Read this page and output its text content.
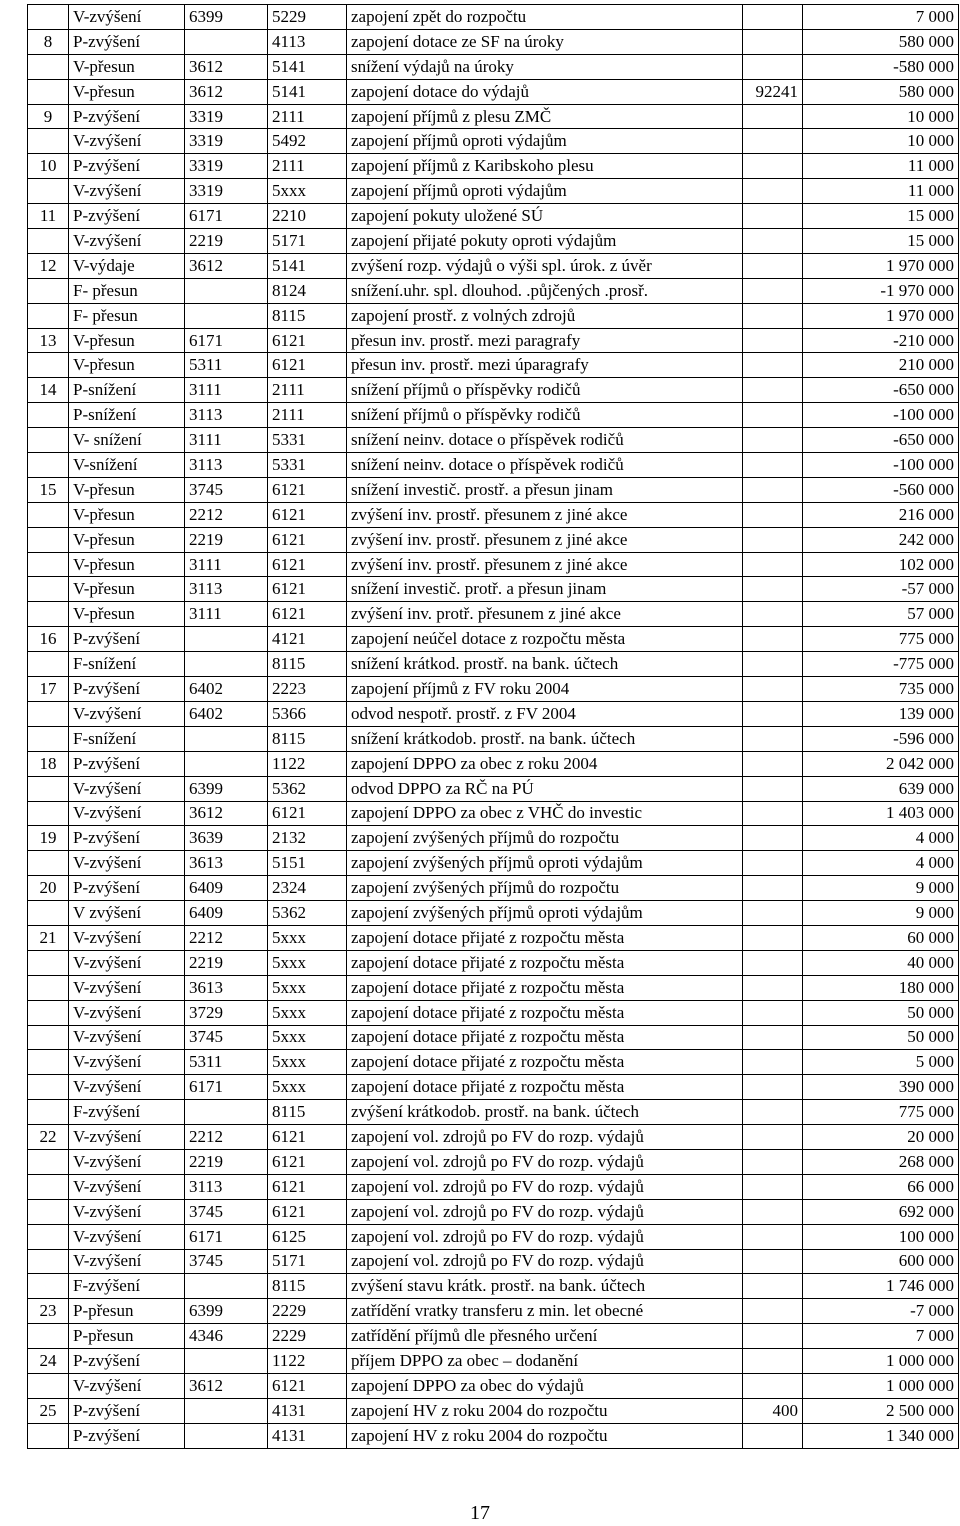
	V-zvýšení	6399	5229	zapojení zpět do rozpočtu		7 000
8	P-zvýšení		4113	zapojení dotace ze SF na úroky		580 000
	V-přesun	3612	5141	snížení výdajů na úroky		-580 000
	V-přesun	3612	5141	zapojení dotace do výdajů	92241	580 000
9	P-zvýšení	3319	2111	zapojení příjmů z plesu ZMČ		10 000
	V-zvýšení	3319	5492	zapojení příjmů oproti výdajům		10 000
10	P-zvýšení	3319	2111	zapojení příjmů z Karibskoho plesu		11 000
	V-zvýšení	3319	5xxx	zapojení příjmů oproti výdajům		11 000
11	P-zvýšení	6171	2210	zapojení pokuty uložené SÚ		15 000
	V-zvýšení	2219	5171	zapojení přijaté pokuty oproti výdajům		15 000
12	V-výdaje	3612	5141	zvýšení rozp. výdajů o výši spl. úrok. z úvěr		1 970 000
	F- přesun		8124	snížení.uhr. spl. dlouhod. .půjčených .prosř.		-1 970 000
	F- přesun		8115	zapojení prostř. z volných zdrojů		1 970 000
13	V-přesun	6171	6121	přesun inv. prostř. mezi paragrafy		-210 000
	V-přesun	5311	6121	přesun inv. prostř. mezi úparagrafy		210 000
14	P-snížení	3111	2111	snížení příjmů o příspěvky rodičů		-650 000
	P-snížení	3113	2111	snížení příjmů o příspěvky rodičů		-100 000
	V- snížení	3111	5331	snížení neinv. dotace o příspěvek rodičů		-650 000
	V-snížení	3113	5331	snížení neinv. dotace o příspěvek rodičů		-100 000
15	V-přesun	3745	6121	snížení investič. prostř. a přesun jinam		-560 000
	V-přesun	2212	6121	zvýšení inv. prostř. přesunem z jiné akce		216 000
	V-přesun	2219	6121	zvýšení inv. prostř. přesunem z jiné akce		242 000
	V-přesun	3111	6121	zvýšení inv. prostř. přesunem z jiné akce		102 000
	V-přesun	3113	6121	snížení investič. protř. a přesun jinam		-57 000
	V-přesun	3111	6121	zvýšení inv. protř. přesunem z jiné akce		57 000
16	P-zvýšení		4121	zapojení neúčel dotace z rozpočtu města		775 000
	F-snížení		8115	snížení krátkod. prostř. na bank. účtech		-775 000
17	P-zvýšení	6402	2223	zapojení příjmů z FV roku 2004		735 000
	V-zvýšení	6402	5366	odvod nespotř. prostř. z FV 2004		139 000
	F-snížení		8115	snížení krátkodob. prostř. na bank. účtech		-596 000
18	P-zvýšení		1122	zapojení DPPO za obec z roku 2004		2 042 000
	V-zvýšení	6399	5362	odvod DPPO za RČ na PÚ		639 000
	V-zvýšení	3612	6121	zapojení DPPO za obec z VHČ do investic		1 403 000
19	P-zvýšení	3639	2132	zapojení zvýšených příjmů do rozpočtu		4 000
	V-zvýšení	3613	5151	zapojení zvýšených příjmů oproti výdajům		4 000
20	P-zvýšení	6409	2324	zapojení zvýšených příjmů do rozpočtu		9 000
	V zvýšení	6409	5362	zapojení zvýšených příjmů oproti výdajům		9 000
21	V-zvýšení	2212	5xxx	zapojení dotace přijaté z rozpočtu města		60 000
	V-zvýšení	2219	5xxx	zapojení dotace přijaté z rozpočtu města		40 000
	V-zvýšení	3613	5xxx	zapojení dotace přijaté z rozpočtu města		180 000
	V-zvýšení	3729	5xxx	zapojení dotace přijaté z rozpočtu města		50 000
	V-zvýšení	3745	5xxx	zapojení dotace přijaté z rozpočtu města		50 000
	V-zvýšení	5311	5xxx	zapojení dotace přijaté z rozpočtu města		5 000
	V-zvýšení	6171	5xxx	zapojení dotace přijaté z rozpočtu města		390 000
	F-zvýšení		8115	zvýšení krátkodob. prostř. na bank. účtech		775 000
22	V-zvýšení	2212	6121	zapojení vol. zdrojů po FV do rozp. výdajů		20 000
	V-zvýšení	2219	6121	zapojení vol. zdrojů po FV do rozp. výdajů		268 000
	V-zvýšení	3113	6121	zapojení vol. zdrojů po FV do rozp. výdajů		66 000
	V-zvýšení	3745	6121	zapojení vol. zdrojů po FV do rozp. výdajů		692 000
	V-zvýšení	6171	6125	zapojení vol. zdrojů po FV do rozp. výdajů		100 000
	V-zvýšení	3745	5171	zapojení vol. zdrojů po FV do rozp. výdajů		600 000
	F-zvýšení		8115	zvýšení stavu krátk. prostř. na bank. účtech		1 746 000
23	P-přesun	6399	2229	zatřídění vratky transferu z min. let obecné		-7 000
	P-přesun	4346	2229	zatřídění příjmů dle přesného určení		7 000
24	P-zvýšení		1122	příjem DPPO za obec – dodanění		1 000 000
	V-zvýšení	3612	6121	zapojení DPPO za obec do výdajů		1 000 000
25	P-zvýšení		4131	zapojení HV z roku 2004 do rozpočtu	400	2 500 000
	P-zvýšení		4131	zapojení HV z roku 2004 do rozpočtu		1 340 000
17
